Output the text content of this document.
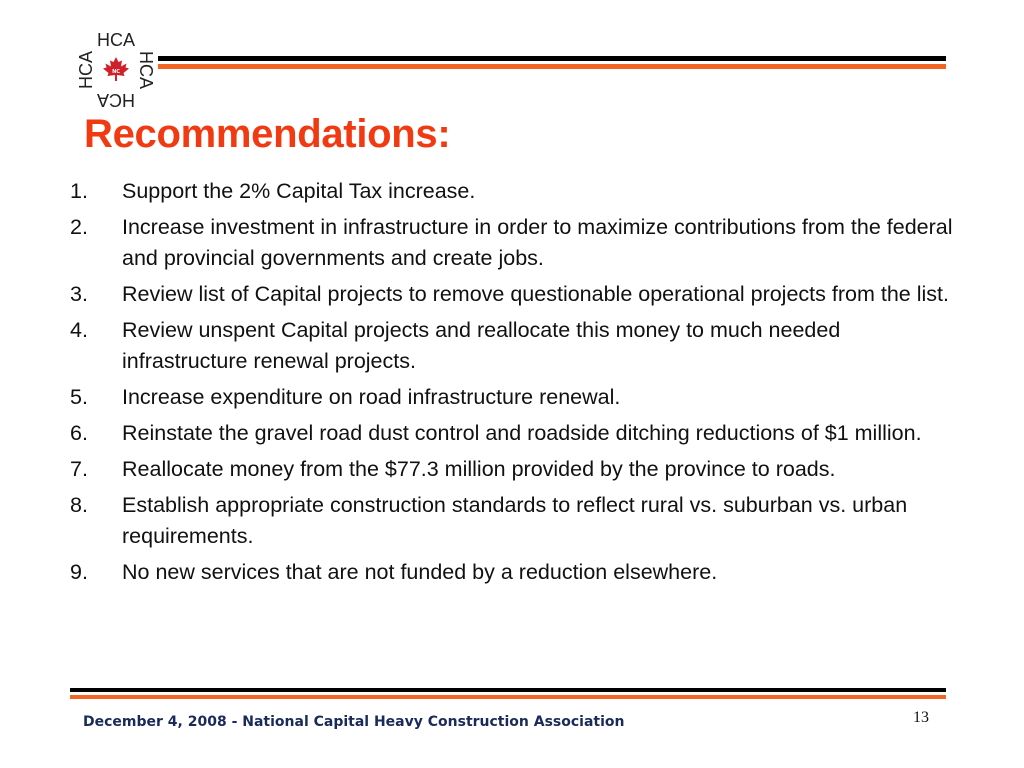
HCA
HCA
HCA
HCA	NC
Recommendations:
1. Support the 2% Capital Tax increase.
2. Increase investment in infrastructure in order to maximize contributions from the federal and provincial governments and create jobs.
3. Review list of Capital projects to remove questionable operational projects from the list.
4. Review unspent Capital projects and reallocate this money to much needed infrastructure renewal projects.
5. Increase expenditure on road infrastructure renewal.
6. Reinstate the gravel road dust control and roadside ditching reductions of $1 million.
7. Reallocate money from the $77.3 million provided by the province to roads.
8. Establish appropriate construction standards to reflect rural vs. suburban vs. urban requirements.
9. No new services that are not funded by a reduction elsewhere.
December 4, 2008 - National Capital Heavy Construction Association	13
